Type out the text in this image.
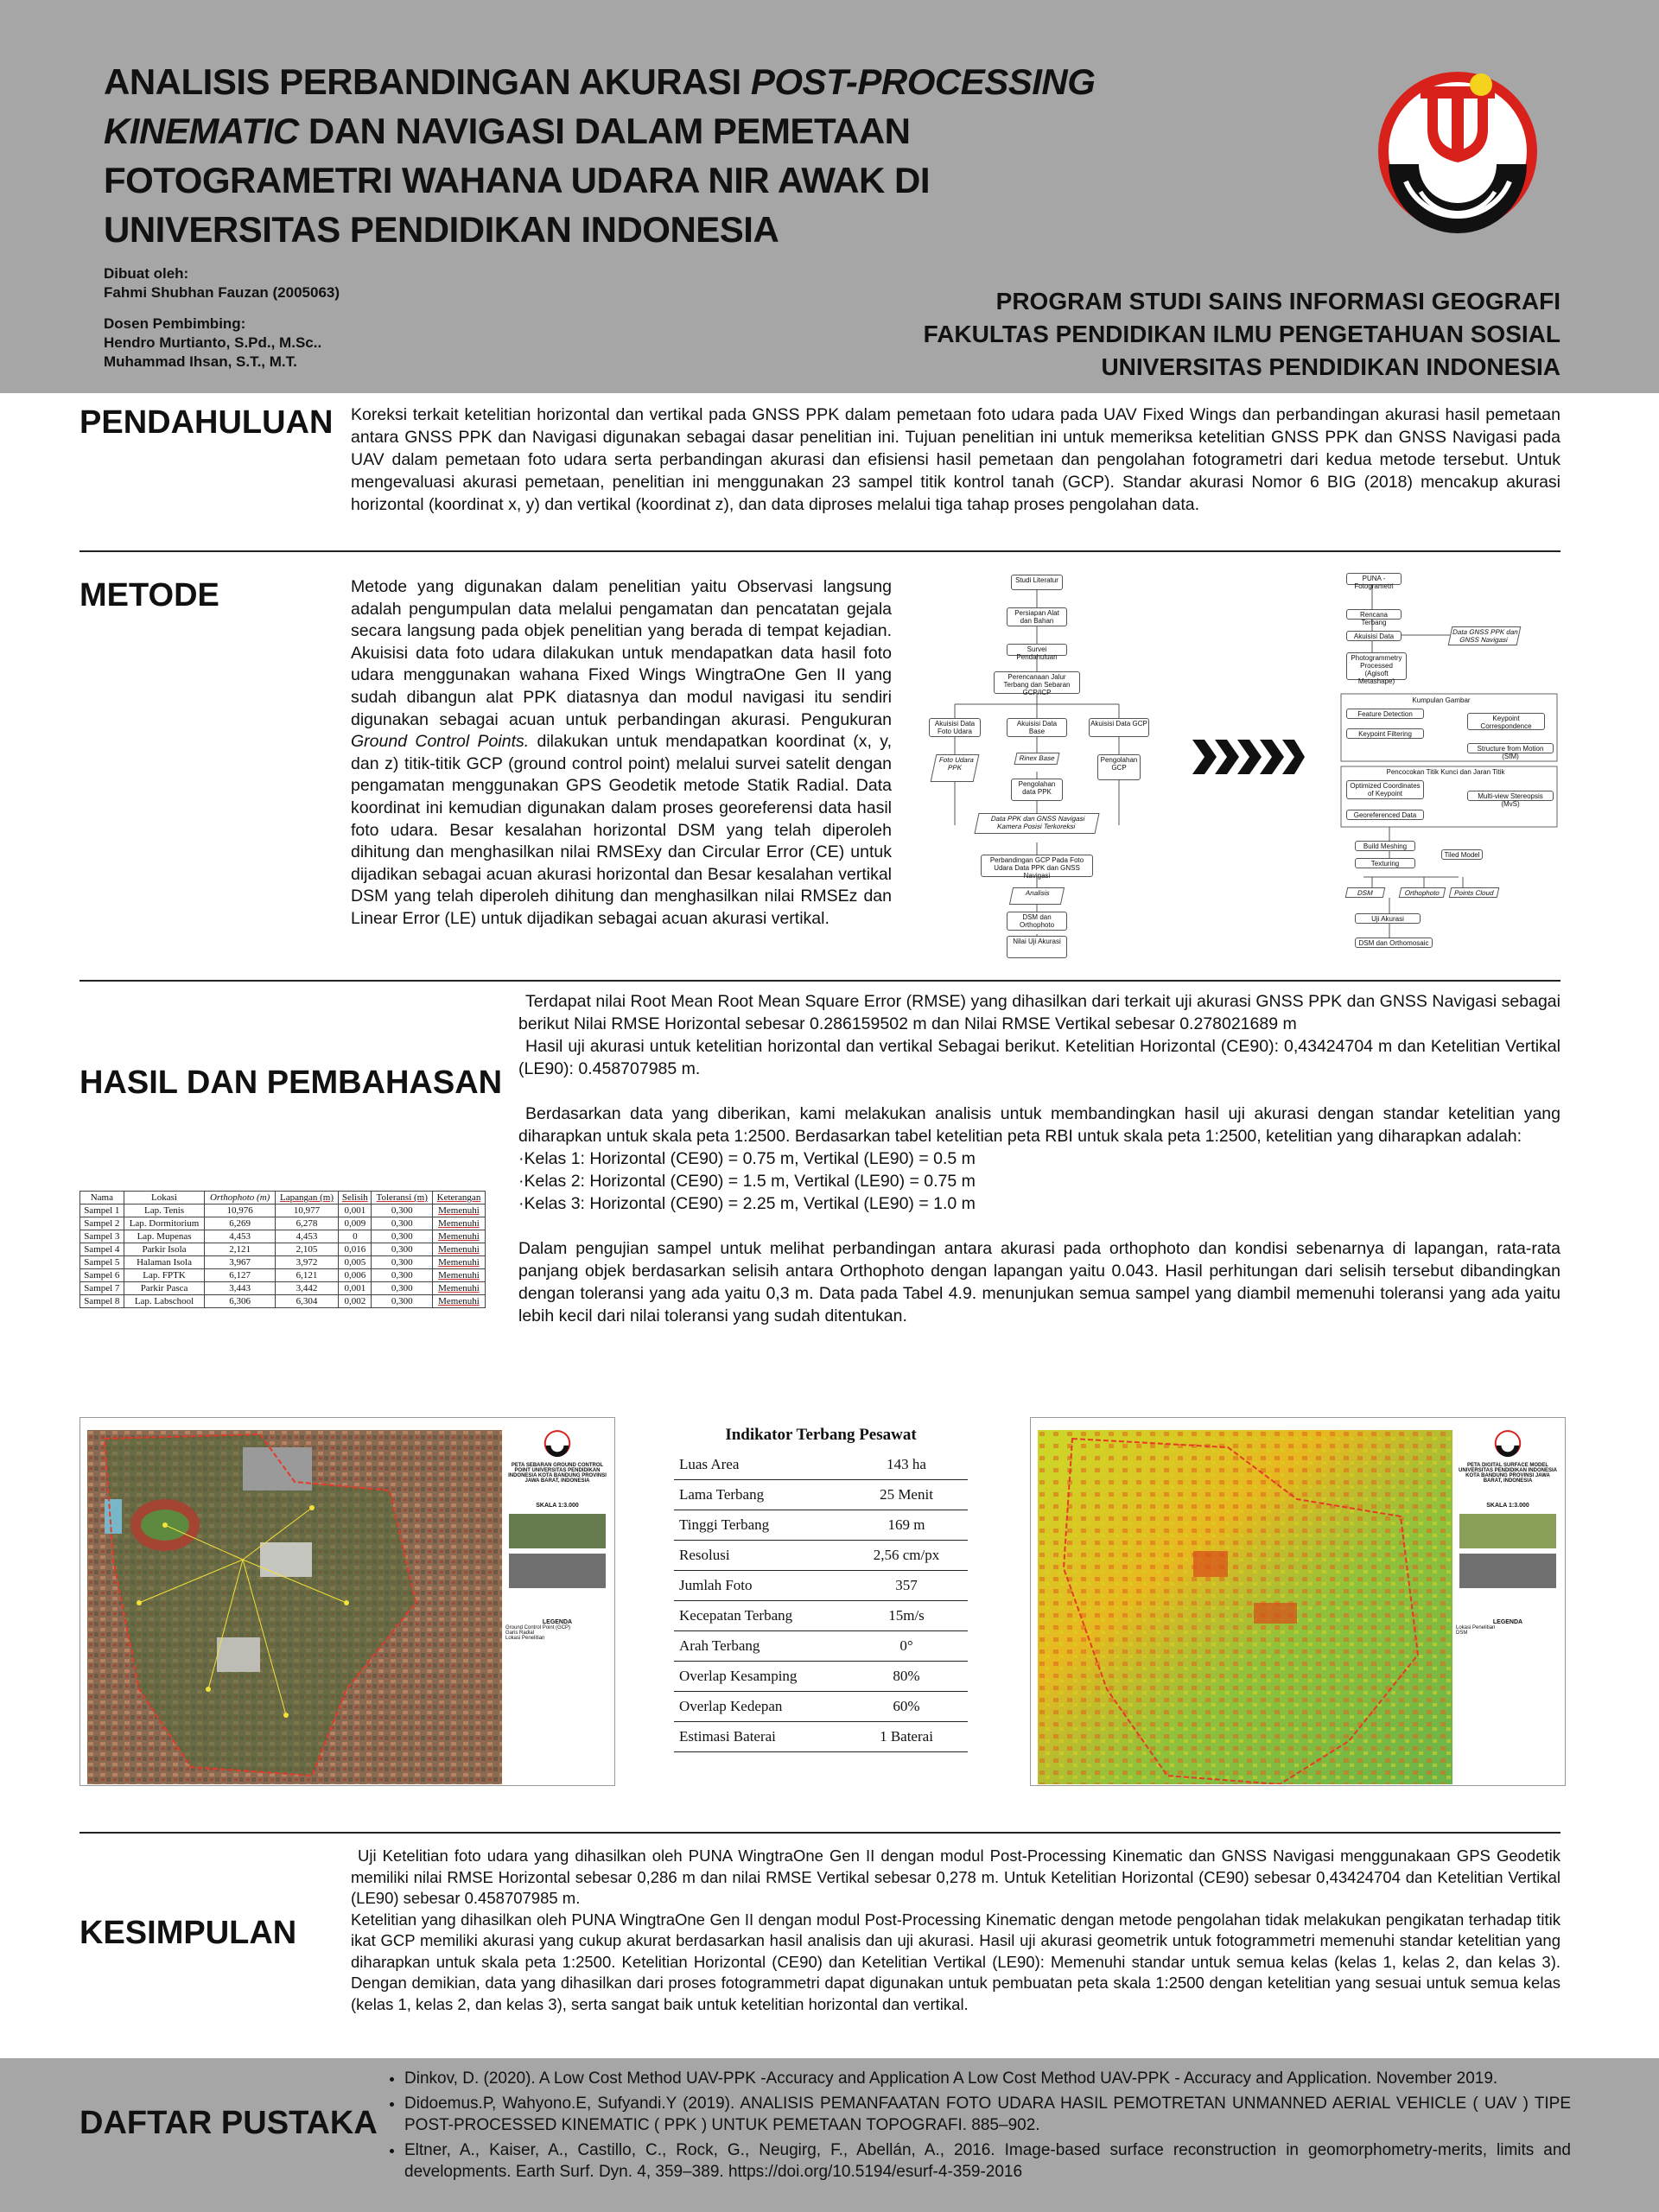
ANALISIS PERBANDINGAN AKURASI POST-PROCESSING
KINEMATIC DAN NAVIGASI DALAM PEMETAAN
FOTOGRAMETRI WAHANA UDARA NIR AWAK DI
UNIVERSITAS PENDIDIKAN INDONESIA
Dibuat oleh:
Fahmi Shubhan Fauzan (2005063)
Dosen Pembimbing:
Hendro Murtianto, S.Pd., M.Sc..
Muhammad Ihsan, S.T., M.T.
PROGRAM STUDI SAINS INFORMASI GEOGRAFI
FAKULTAS PENDIDIKAN ILMU PENGETAHUAN SOSIAL
UNIVERSITAS PENDIDIKAN INDONESIA
PENDAHULUAN Koreksi terkait ketelitian horizontal dan vertikal pada GNSS PPK dalam pemetaan foto udara pada UAV Fixed Wings dan perbandingan akurasi hasil pemetaan antara GNSS PPK dan Navigasi digunakan sebagai dasar penelitian ini. Tujuan penelitian ini untuk memeriksa ketelitian GNSS PPK dan GNSS Navigasi pada UAV dalam pemetaan foto udara serta perbandingan akurasi dan efisiensi hasil pemetaan dan pengolahan fotogrametri dari kedua metode tersebut. Untuk mengevaluasi akurasi pemetaan, penelitian ini menggunakan 23 sampel titik kontrol tanah (GCP). Standar akurasi Nomor 6 BIG (2018) mencakup akurasi horizontal (koordinat x, y) dan vertikal (koordinat z), dan data diproses melalui tiga tahap proses pengolahan data.

METODE	Metode yang digunakan dalam penelitian yaitu Observasi langsung adalah pengumpulan data melalui pengamatan dan pencatatan gejala secara langsung pada objek penelitian yang berada di tempat kejadian. Akuisisi data foto udara dilakukan untuk mendapatkan data hasil foto udara menggunakan wahana Fixed Wings WingtraOne Gen II yang sudah dibangun alat PPK diatasnya dan modul navigasi itu sendiri digunakan sebagai acuan untuk perbandingan akurasi. Pengukuran Ground Control Points. dilakukan untuk mendapatkan koordinat (x, y, dan z) titik-titik GCP (ground control point) melalui survei satelit dengan pengamatan menggunakan GPS Geodetik metode Statik Radial. Data koordinat ini kemudian digunakan dalam proses georeferensi data hasil foto udara. Besar kesalahan horizontal DSM yang telah diperoleh dihitung dan menghasilkan nilai RMSExy dan Circular Error (CE) untuk dijadikan sebagai acuan akurasi horizontal dan Besar kesalahan vertikal DSM yang telah diperoleh dihitung dan menghasilkan nilai RMSEz dan Linear Error (LE) untuk dijadikan sebagai acuan akurasi vertikal.

Studi Literatur
Persiapan Alat dan Bahan
Survei Pendahuluan
Perencanaan Jalur Terbang dan Sebaran GCP/ICP
Akuisisi Data Foto Udara
Akuisisi Data Base
Akuisisi Data GCP
Foto Udara PPK
Rinex Base
Pengolahan data PPK
Pengolahan GCP
Data PPK dan GNSS Navigasi Kamera Posisi Terkoreksi
Perbandingan GCP Pada Foto Udara Data PPK dan GNSS Navigasi
Analisis
DSM dan Orthophoto
Nilai Uji Akurasi
PUNA - Fotogrametri
Rencana Terbang
Akuisisi Data
Data GNSS PPK dan GNSS Navigasi
Photogrammetry Processed (Agisoft Metashape)
Kumpulan Gambar
Feature Detection
Keypoint Correspondence
Keypoint Filtering
Structure from Motion (SfM)
Pencocokan Titik Kunci dan Jaran Titik
Optimized Coordinates of Keypoint	Multi-view Stereopsis (MvS)
Georeferenced Data
Build Meshing
Tiled Model
Texturing
DSM	Orthophoto	Points Cloud
Uji Akurasi
DSM dan Orthomosaic
HASIL DAN PEMBAHASAN
Terdapat nilai Root Mean Root Mean Square Error (RMSE) yang dihasilkan dari terkait uji akurasi GNSS PPK dan GNSS Navigasi sebagai berikut Nilai RMSE Horizontal sebesar 0.286159502 m dan Nilai RMSE Vertikal sebesar 0.278021689 m
Hasil uji akurasi untuk ketelitian horizontal dan vertikal Sebagai berikut. Ketelitian Horizontal (CE90): 0,43424704 m dan Ketelitian Vertikal (LE90): 0.458707985 m.
Berdasarkan data yang diberikan, kami melakukan analisis untuk membandingkan hasil uji akurasi dengan standar ketelitian yang diharapkan untuk skala peta 1:2500. Berdasarkan tabel ketelitian peta RBI untuk skala peta 1:2500, ketelitian yang diharapkan adalah:
·Kelas 1: Horizontal (CE90) = 0.75 m, Vertikal (LE90) = 0.5 m
·Kelas 2: Horizontal (CE90) = 1.5 m, Vertikal (LE90) = 0.75 m
·Kelas 3: Horizontal (CE90) = 2.25 m, Vertikal (LE90) = 1.0 m
Dalam pengujian sampel untuk melihat perbandingan antara akurasi pada orthophoto dan kondisi sebenarnya di lapangan, rata-rata panjang objek berdasarkan selisih antara Orthophoto dengan lapangan yaitu 0.043. Hasil perhitungan dari selisih tersebut dibandingkan dengan toleransi yang ada yaitu 0,3 m. Data pada Tabel 4.9. menunjukan semua sampel yang diambil memenuhi toleransi yang ada yaitu lebih kecil dari nilai toleransi yang sudah ditentukan.
Nama	Lokasi	Orthophoto (m)	Lapangan (m)	Selisih	Toleransi (m)	Keterangan
Sampel 1	Lap. Tenis	10,976	10,977	0,001	0,300	Memenuhi
Sampel 2	Lap. Dormitorium	6,269	6,278	0,009	0,300	Memenuhi
Sampel 3	Lap. Mupenas	4,453	4,453	0	0,300	Memenuhi
Sampel 4	Parkir Isola	2,121	2,105	0,016	0,300	Memenuhi
Sampel 5	Halaman Isola	3,967	3,972	0,005	0,300	Memenuhi
Sampel 6	Lap. FPTK	6,127	6,121	0,006	0,300	Memenuhi
Sampel 7	Parkir Pasca	3,443	3,442	0,001	0,300	Memenuhi
Sampel 8	Lap. Labschool	6,306	6,304	0,002	0,300	Memenuhi
PETA SEBARAN GROUND CONTROL POINT UNIVERSITAS PENDIDIKAN INDONESIA KOTA BANDUNG PROVINSI JAWA BARAT, INDONESIA
SKALA 1:3.000
LEGENDA
Ground Control Point (GCP)
Garis Radial
Lokasi Penelitian
Indikator Terbang Pesawat
Luas Area	143 ha
Lama Terbang	25 Menit
Tinggi Terbang	169 m
Resolusi	2,56 cm/px
Jumlah Foto	357
Kecepatan Terbang	15m/s
Arah Terbang	0°
Overlap Kesamping	80%
Overlap Kedepan	60%
Estimasi Baterai	1 Baterai
PETA DIGITAL SURFACE MODEL UNIVERSITAS PENDIDIKAN INDONESIA KOTA BANDUNG PROVINSI JAWA BARAT, INDONESIA
SKALA 1:3.000
LEGENDA
Lokasi Penelitian
DSM
KESIMPULAN
Uji Ketelitian foto udara yang dihasilkan oleh PUNA WingtraOne Gen II dengan modul Post-Processing Kinematic dan GNSS Navigasi menggunakaan GPS Geodetik memiliki nilai RMSE Horizontal sebesar 0,286 m dan nilai RMSE Vertikal sebesar 0,278 m. Untuk Ketelitian Horizontal (CE90) sebesar 0,43424704 dan Ketelitian Vertikal (LE90) sebesar 0.458707985 m.
Ketelitian yang dihasilkan oleh PUNA WingtraOne Gen II dengan modul Post-Processing Kinematic dengan metode pengolahan tidak melakukan pengikatan terhadap titik ikat GCP memiliki akurasi yang cukup akurat berdasarkan hasil analisis dan uji akurasi. Hasil uji akurasi geometrik untuk fotogrammetri memenuhi standar ketelitian yang diharapkan untuk skala peta 1:2500. Ketelitian Horizontal (CE90) dan Ketelitian Vertikal (LE90): Memenuhi standar untuk semua kelas (kelas 1, kelas 2, dan kelas 3). Dengan demikian, data yang dihasilkan dari proses fotogrammetri dapat digunakan untuk pembuatan peta skala 1:2500 dengan ketelitian yang sesuai untuk semua kelas (kelas 1, kelas 2, dan kelas 3), serta sangat baik untuk ketelitian horizontal dan vertikal.
DAFTAR PUSTAKA
• Dinkov, D. (2020). A Low Cost Method UAV-PPK -Accuracy and Application A Low Cost Method UAV-PPK - Accuracy and Application. November 2019.
• Didoemus.P, Wahyono.E, Sufyandi.Y (2019). ANALISIS PEMANFAATAN FOTO UDARA HASIL PEMOTRETAN UNMANNED AERIAL VEHICLE ( UAV ) TIPE POST-PROCESSED KINEMATIC ( PPK ) UNTUK PEMETAAN TOPOGRAFI. 885–902.
• Eltner, A., Kaiser, A., Castillo, C., Rock, G., Neugirg, F., Abellán, A., 2016. Image-based surface reconstruction in geomorphometry-merits, limits and developments. Earth Surf. Dyn. 4, 359–389. https://doi.org/10.5194/esurf-4-359-2016
